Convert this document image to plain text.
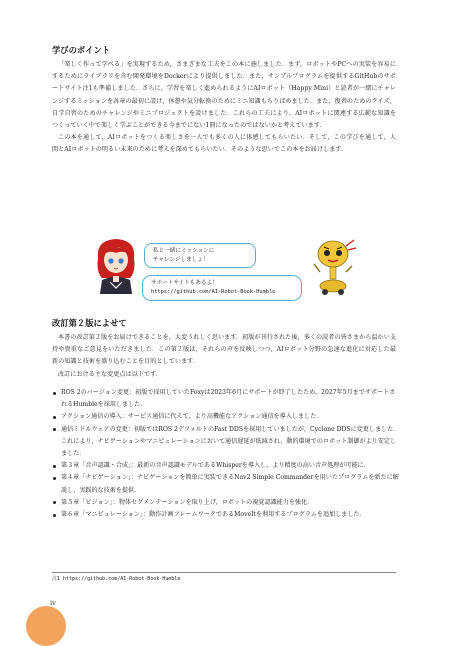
学びのポイント

「楽しく作って学べる」を実現するため，さまざまな工夫をこの本に施しました．まず，ロボットやPCへの実装を容易にするためにライブラリを含む開発環境をDockerにより提供しました．また，サンプルプログラムを提供するGitHubのサポートサイト注1も準備しました．さらに，学習を楽しく進められるようにAIロボット（Happy Mini）と読者が一緒にチャレンジするミッションを各章の最初に設け，休憩や気分転換のためにミニ知識もちりばめました．また，復習のためのクイズ，自学自習のためのチャレンジやミニプロジェクトを設けました．これらの工夫により，AIロボットに関連する広範な知識をつくっていく中で楽しく学ぶことができる今までにない1冊になったのではないかと考えています．

この本を通して，AIロボットをつくる楽しさを一人でも多くの人に体感してもらいたい．そして，この学びを通して，人間とAIロボットの明るい未来のために考えを深めてもらいたい．そのような思いでこの本をお届けします．

私と一緒にミッションに
チャレンジしましょ！
サポートサイトもあるよ！
https://github.com/AI-Robot-Book-Humble
改訂第２版によせて

本書の改訂第２版をお届けできることを，大変うれしく思います．初版が刊行された後，多くの読者の皆さまから温かい支持や貴重なご意見をいただきました．この第２版は，それらの声を反映しつつ，AIロボット分野の急速な進化に対応した最新の知識と技術を盛り込むことを目的としています．

改訂における主な変更点は以下です．

ROS 2のバージョン変更：初版で採用していたFoxyは2023年6月にサポートが終了したため，2027年5月までサポートされるHumbleを採用しました．
アクション通信の導入：サービス通信に代えて，より高機能なアクション通信を導入しました．
通信ミドルウェアの変更：初版ではROS 2デフォルトのFast DDSを採用していましたが，Cyclone DDSに変更しました．これにより，ナビゲーションやマニピュレーションにおいて通信遅延が低減され，動的環境でのロボット制御がより安定しました．
第３章「音声認識・合成」：最新の音声認識モデルであるWhisperを導入し，より精度の高い音声処理が可能に．
第４章「ナビゲーション」：ナビゲーションを簡単に実装できるNav2 Simple Commanderを用いたプログラムを新たに解説し，実践的な技術を提供．
第５章「ビジョン」：物体セグメンテーションを取り上げ，ロボットの視覚認識能力を強化．
第６章「マニピュレーション」：動作計画フレームワークであるMoveItを利用するプログラムを追加しました．
注1 https://github.com/AI-Robot-Book-Humble
iv
